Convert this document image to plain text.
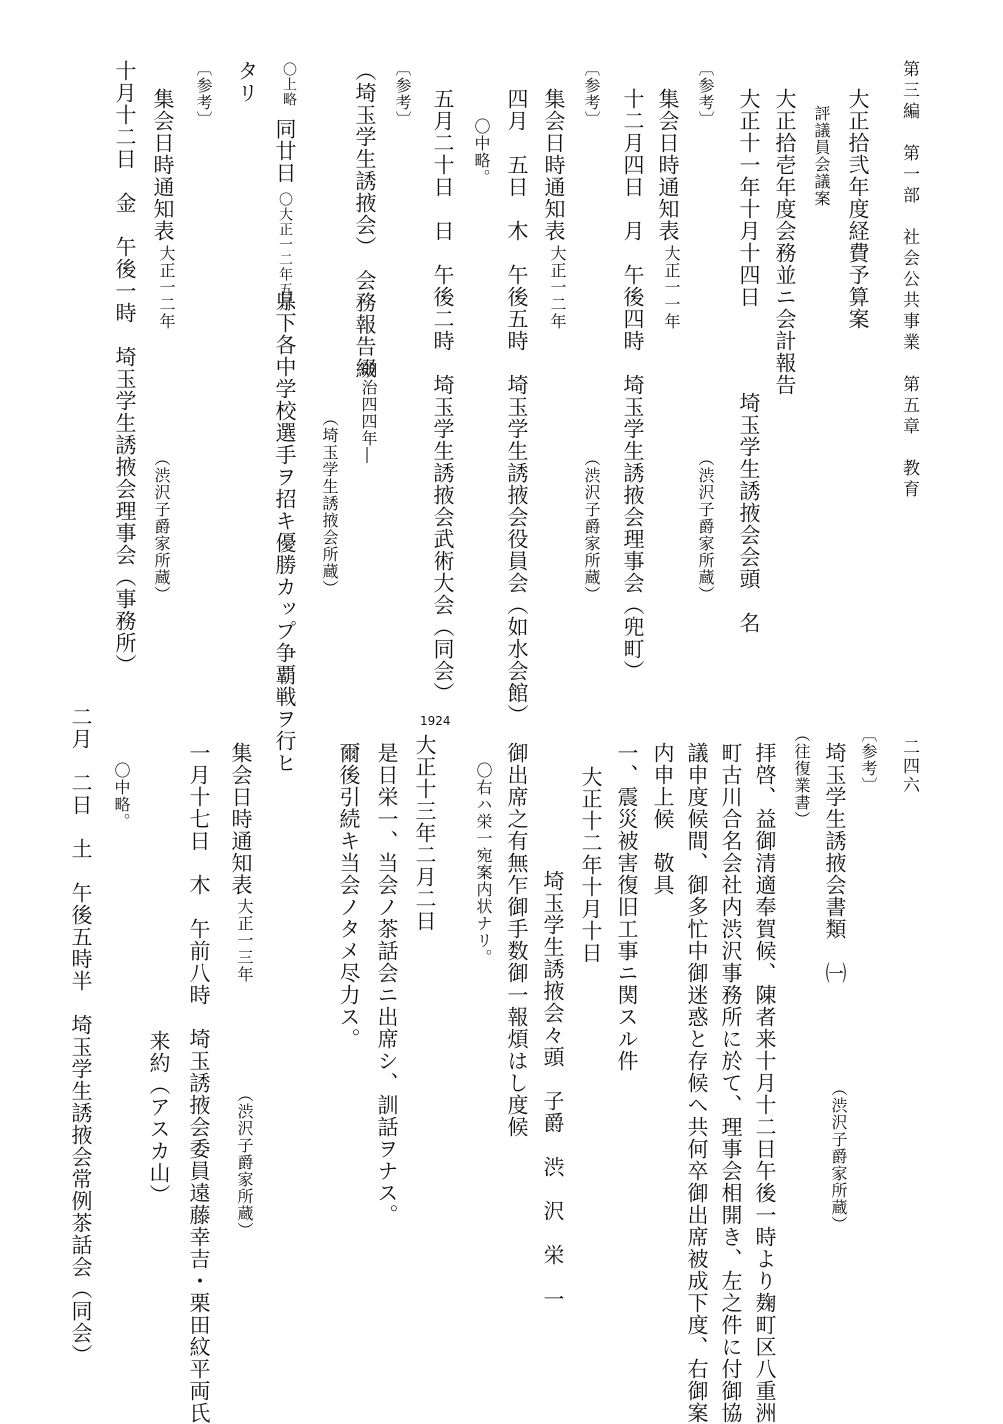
第三編　第一部　社会公共事業　第五章　教育
二四六
大正拾弐年度経費予算案
　評議員会議案
大正拾壱年度会務並ニ会計報告
大正十一年十月十四日
埼玉学生誘掖会会頭　名
〔参考〕
（渋沢子爵家所蔵）
集会日時通知表
大正一一年
十二月四日　月　午後四時　埼玉学生誘掖会理事会（兜町）
〔参考〕
（渋沢子爵家所蔵）
集会日時通知表
大正一二年
四月　五日　木　午後五時　埼玉学生誘掖会役員会（如水会館）
〇中略。
五月二十日　日　午後二時　埼玉学生誘掖会武術大会（同会）
〔参考〕
（埼玉学生誘掖会）　会務報告綴
明治四四年―
（埼玉学生誘掖会所蔵）
〇上略
同廿日
〇大正一二年五月
県下各中学校選手ヲ招キ優勝カップ争覇戦ヲ行ヒ
タリ
〔参考〕
（渋沢子爵家所蔵）
集会日時通知表
大正一二年
十月十二日　金　午後一時　埼玉学生誘掖会理事会（事務所）
〔参考〕
埼玉学生誘掖会書類　㈠
（渋沢子爵家所蔵）
（往復業書）
拝啓、益御清適奉賀候、陳者来十月十二日午後一時より麹町区八重洲
町古川合名会社内渋沢事務所に於て、理事会相開き、左之件に付御協
議申度候間、御多忙中御迷惑と存候へ共何卒御出席被成下度、右御案
内申上候　敬具
一、震災被害復旧工事ニ関スル件
大正十二年十月十日
埼玉学生誘掖会々頭　子爵　渋　沢　栄　一
御出席之有無乍御手数御一報煩はし度候
〇右ハ栄一宛案内状ナリ。
1924
大正十三年二月二日
是日栄一、当会ノ茶話会ニ出席シ、訓話ヲナス。
爾後引続キ当会ノタメ尽力ス。
集会日時通知表
大正一三年
（渋沢子爵家所蔵）
一月十七日　木　午前八時　埼玉誘掖会委員遠藤幸吉・栗田紋平両氏
来約（アスカ山）
〇中略。
二月　二日　土　午後五時半　埼玉学生誘掖会常例茶話会（同会）
